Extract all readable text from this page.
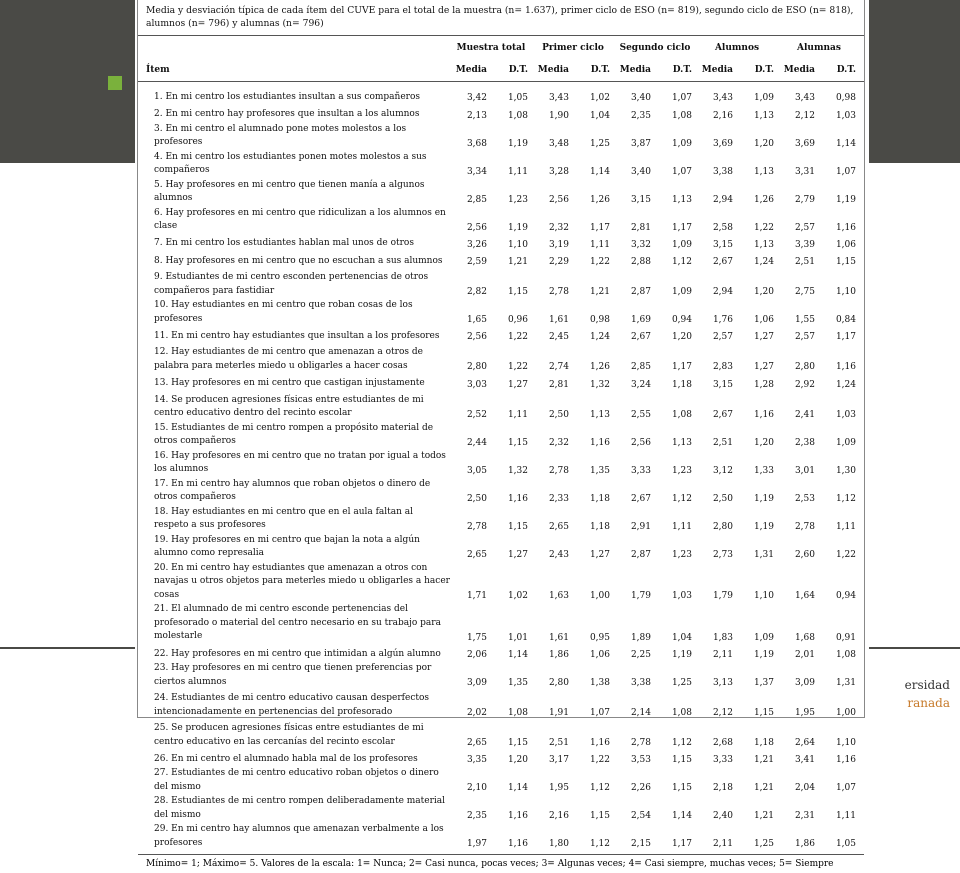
ersidad
ranada
Media y desviación típica de cada ítem del CUVE para el total de la muestra (n= 1.637), primer ciclo de ESO (n= 819), segundo ciclo de ESO (n= 818), alumnos (n= 796) y alumnas (n= 796)
Muestra total	Primer ciclo	Segundo ciclo	Alumnos	Alumnas
Ítem	Media	D.T.	Media	D.T.	Media	D.T.	Media	D.T.	Media	D.T.
1. En mi centro los estudiantes insultan a sus compañeros	3,42	1,05	3,43	1,02	3,40	1,07	3,43	1,09	3,43	0,98
2. En mi centro hay profesores que insultan a los alumnos	2,13	1,08	1,90	1,04	2,35	1,08	2,16	1,13	2,12	1,03
3. En mi centro el alumnado pone motes molestos a los profesores	3,68	1,19	3,48	1,25	3,87	1,09	3,69	1,20	3,69	1,14
4. En mi centro los estudiantes ponen motes molestos a sus compañeros	3,34	1,11	3,28	1,14	3,40	1,07	3,38	1,13	3,31	1,07
5. Hay profesores en mi centro que tienen manía a algunos alumnos	2,85	1,23	2,56	1,26	3,15	1,13	2,94	1,26	2,79	1,19
6. Hay profesores en mi centro que ridiculizan a los alumnos en clase	2,56	1,19	2,32	1,17	2,81	1,17	2,58	1,22	2,57	1,16
7. En mi centro los estudiantes hablan mal unos de otros	3,26	1,10	3,19	1,11	3,32	1,09	3,15	1,13	3,39	1,06
8. Hay profesores en mi centro que no escuchan a sus alumnos	2,59	1,21	2,29	1,22	2,88	1,12	2,67	1,24	2,51	1,15
9. Estudiantes de mi centro esconden pertenencias de otros compañeros para fastidiar	2,82	1,15	2,78	1,21	2,87	1,09	2,94	1,20	2,75	1,10
10. Hay estudiantes en mi centro que roban cosas de los profesores	1,65	0,96	1,61	0,98	1,69	0,94	1,76	1,06	1,55	0,84
11. En mi centro hay estudiantes que insultan a los profesores	2,56	1,22	2,45	1,24	2,67	1,20	2,57	1,27	2,57	1,17
12. Hay estudiantes de mi centro que amenazan a otros de palabra para meterles miedo u obligarles a hacer cosas	2,80	1,22	2,74	1,26	2,85	1,17	2,83	1,27	2,80	1,16
13. Hay profesores en mi centro que castigan injustamente	3,03	1,27	2,81	1,32	3,24	1,18	3,15	1,28	2,92	1,24
14. Se producen agresiones físicas entre estudiantes de mi centro educativo dentro del recinto escolar	2,52	1,11	2,50	1,13	2,55	1,08	2,67	1,16	2,41	1,03
15. Estudiantes de mi centro rompen a propósito material de otros compañeros	2,44	1,15	2,32	1,16	2,56	1,13	2,51	1,20	2,38	1,09
16. Hay profesores en mi centro que no tratan por igual a todos los alumnos	3,05	1,32	2,78	1,35	3,33	1,23	3,12	1,33	3,01	1,30
17. En mi centro hay alumnos que roban objetos o dinero de otros compañeros	2,50	1,16	2,33	1,18	2,67	1,12	2,50	1,19	2,53	1,12
18. Hay estudiantes en mi centro que en el aula faltan al respeto a sus profesores	2,78	1,15	2,65	1,18	2,91	1,11	2,80	1,19	2,78	1,11
19. Hay profesores en mi centro que bajan la nota a algún alumno como represalia	2,65	1,27	2,43	1,27	2,87	1,23	2,73	1,31	2,60	1,22
20. En mi centro hay estudiantes que amenazan a otros con navajas u otros objetos para meterles miedo u obligarles a hacer cosas	1,71	1,02	1,63	1,00	1,79	1,03	1,79	1,10	1,64	0,94
21. El alumnado de mi centro esconde pertenencias del profesorado o material del centro necesario en su trabajo para molestarle	1,75	1,01	1,61	0,95	1,89	1,04	1,83	1,09	1,68	0,91
22. Hay profesores en mi centro que intimidan a algún alumno	2,06	1,14	1,86	1,06	2,25	1,19	2,11	1,19	2,01	1,08
23. Hay profesores en mi centro que tienen preferencias por ciertos alumnos	3,09	1,35	2,80	1,38	3,38	1,25	3,13	1,37	3,09	1,31
24. Estudiantes de mi centro educativo causan desperfectos intencionadamente en pertenencias del profesorado	2,02	1,08	1,91	1,07	2,14	1,08	2,12	1,15	1,95	1,00
25. Se producen agresiones físicas entre estudiantes de mi centro educativo en las cercanías del recinto escolar	2,65	1,15	2,51	1,16	2,78	1,12	2,68	1,18	2,64	1,10
26. En mi centro el alumnado habla mal de los profesores	3,35	1,20	3,17	1,22	3,53	1,15	3,33	1,21	3,41	1,16
27. Estudiantes de mi centro educativo roban objetos o dinero del mismo	2,10	1,14	1,95	1,12	2,26	1,15	2,18	1,21	2,04	1,07
28. Estudiantes de mi centro rompen deliberadamente material del mismo	2,35	1,16	2,16	1,15	2,54	1,14	2,40	1,21	2,31	1,11
29. En mi centro hay alumnos que amenazan verbalmente a los profesores	1,97	1,16	1,80	1,12	2,15	1,17	2,11	1,25	1,86	1,05
Mínimo= 1; Máximo= 5. Valores de la escala: 1= Nunca; 2= Casi nunca, pocas veces; 3= Algunas veces; 4= Casi siempre, muchas veces; 5= Siempre
